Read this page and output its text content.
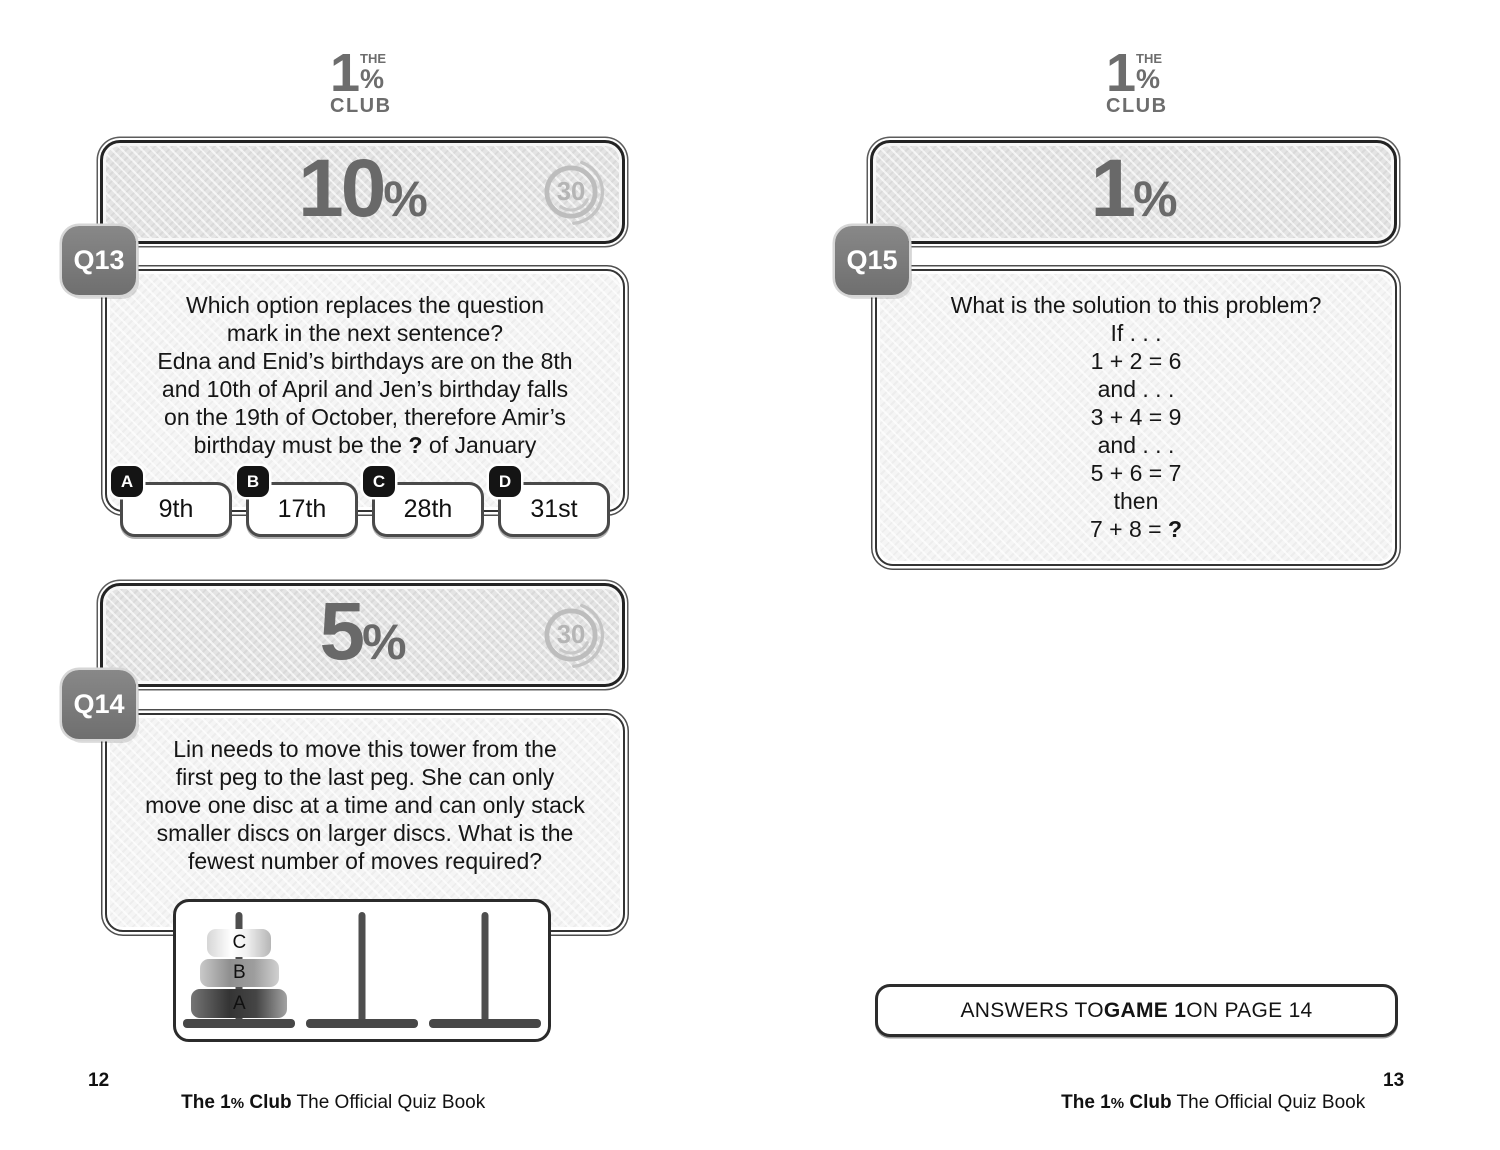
1 THE
%
CLUB
10%	30
Q13
Which option replaces the question
mark in the next sentence?
Edna and Enid’s birthdays are on the 8th
and 10th of April and Jen’s birthday falls
on the 19th of October, therefore Amir’s
birthday must be the ? of January
A
9th
B
17th
C
28th
D
31st
5%	30
Q14
Lin needs to move this tower from the
first peg to the last peg. She can only
move one disc at a time and can only stack
smaller discs on larger discs. What is the
fewest number of moves required?
C
B
A
12

The 1% Club The Official Quiz Book

1 THE
%
CLUB
1%
Q15
What is the solution to this problem?
If . . .
1 + 2 = 6
and . . .
3 + 4 = 9
and . . .
5 + 6 = 7
then
7 + 8 = ?
ANSWERS TO GAME 1 ON PAGE 14

The 1% Club The Official Quiz Book

13
